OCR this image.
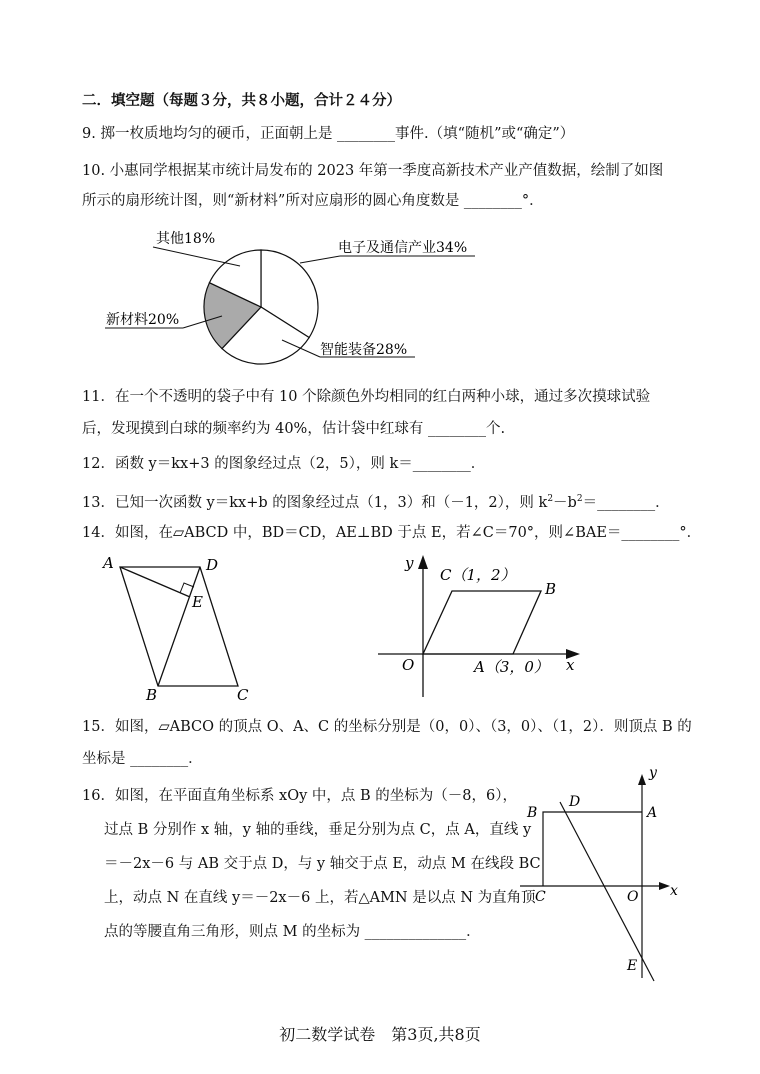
二．填空题（每题３分，共８小题，合计２４分）
9. 掷一枚质地均匀的硬币，正面朝上是 ________事件.（填“随机”或“确定”）
10. 小惠同学根据某市统计局发布的 2023 年第一季度高新技术产业产值数据，绘制了如图
所示的扇形统计图，则“新材料”所对应扇形的圆心角度数是 ________°．
其他18%
电子及通信产业34%
新材料20%
智能装备28%
A	D
E
B	C
y
x
O
C（1，2）
B
A（3，0）
y
x
B
D
A
C	O
E
11．在一个不透明的袋子中有 10 个除颜色外均相同的红白两种小球，通过多次摸球试验
后，发现摸到白球的频率约为 40%，估计袋中红球有 ________个.
12．函数 y＝kx+3 的图象经过点（2，5），则 k＝________．
13．已知一次函数 y＝kx+b 的图象经过点（1，3）和（－1，2），则 $k^2-b^2=\_\_\_\_\_\_\_\_$．
14．如图，在▱ABCD 中，BD＝CD，AE⊥BD 于点 E，若∠C＝70°，则∠BAE＝________°．
15．如图，▱ABCO 的顶点 O、A、C 的坐标分别是（0，0）、（3，0）、（1，2）．则顶点 B 的
坐标是 ________．
16．如图，在平面直角坐标系 xOy 中，点 B 的坐标为（－8，6），
过点 B 分别作 x 轴，y 轴的垂线，垂足分别为点 C，点 A，直线 y
＝－2x－6 与 AB 交于点 D，与 y 轴交于点 E，动点 M 在线段 BC
上，动点 N 在直线 y＝－2x－6 上，若△AMN 是以点 N 为直角顶
点的等腰直角三角形，则点 M 的坐标为 ______________．
初二数学试卷　第3页,共8页
